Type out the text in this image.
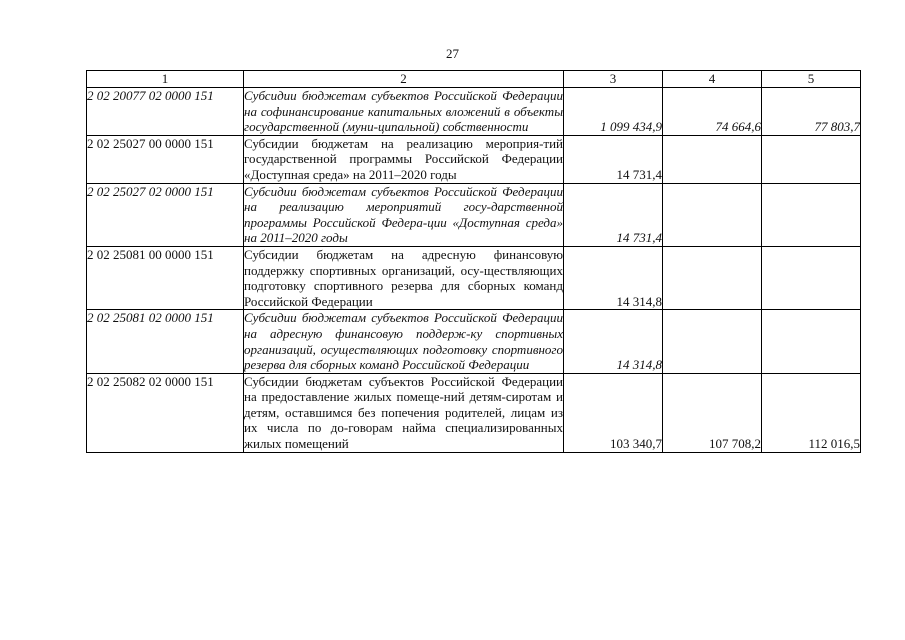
27
1	2	3	4	5
2 02 20077 02 0000 151	Субсидии бюджетам субъектов Российской Федерации на софинансирование капитальных вложений в объекты государственной (муни-ципальной) собственности	1 099 434,9	74 664,6	77 803,7
2 02 25027 00 0000 151	Субсидии бюджетам на реализацию мероприя-тий государственной программы Российской Федерации «Доступная среда» на 2011–2020 годы	14 731,4		
2 02 25027 02 0000 151	Субсидии бюджетам субъектов Российской Федерации на реализацию мероприятий госу-дарственной программы Российской Федера-ции «Доступная среда» на 2011–2020 годы	14 731,4		
2 02 25081 00 0000 151	Субсидии бюджетам на адресную финансовую поддержку спортивных организаций, осу-ществляющих подготовку спортивного резерва для сборных команд Российской Федерации	14 314,8		
2 02 25081 02 0000 151	Субсидии бюджетам субъектов Российской Федерации на адресную финансовую поддерж-ку спортивных организаций, осуществляющих подготовку спортивного резерва для сборных команд Российской Федерации	14 314,8		
2 02 25082 02 0000 151	Субсидии бюджетам субъектов Российской Федерации на предоставление жилых помеще-ний детям-сиротам и детям, оставшимся без попечения родителей, лицам из их числа по до-говорам найма специализированных жилых помещений	103 340,7	107 708,2	112 016,5
